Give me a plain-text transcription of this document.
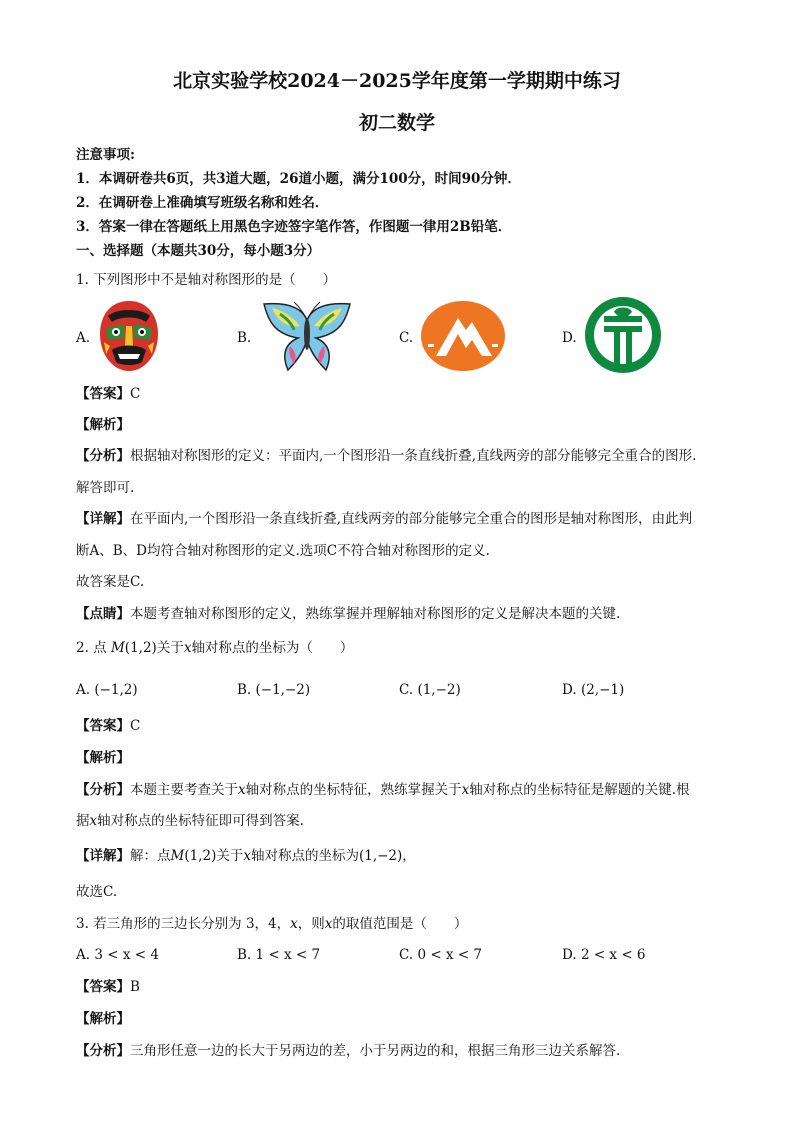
北京实验学校2024－2025学年度第一学期期中练习
初二数学
注意事项:
1．本调研卷共6页，共3道大题，26道小题，满分100分，时间90分钟．
2．在调研卷上准确填写班级名称和姓名．
3．答案一律在答题纸上用黑色字迹签字笔作答，作图题一律用2B铅笔．
一、选择题（本题共30分，每小题3分）
1. 下列图形中不是轴对称图形的是（　　）
A.	B.	C.	D.
【答案】C
【解析】
【分析】根据轴对称图形的定义：平面内,一个图形沿一条直线折叠,直线两旁的部分能够完全重合的图形.
解答即可.
【详解】在平面内,一个图形沿一条直线折叠,直线两旁的部分能够完全重合的图形是轴对称图形，由此判
断A、B、D均符合轴对称图形的定义.选项C不符合轴对称图形的定义.
故答案是C.
【点睛】本题考查轴对称图形的定义，熟练掌握并理解轴对称图形的定义是解决本题的关键.
2. 点 M(1,2)关于x轴对称点的坐标为（　　）
A. (−1,2)	B. (−1,−2)	C. (1,−2)	D. (2,−1)
【答案】C
【解析】
【分析】本题主要考查关于x轴对称点的坐标特征，熟练掌握关于x轴对称点的坐标特征是解题的关键.根
据x轴对称点的坐标特征即可得到答案.
【详解】解：点M(1,2)关于x轴对称点的坐标为(1,−2)，
故选C.
3. 若三角形的三边长分别为 3，4，x，则x的取值范围是（　　）
A. 3 < x < 4	B. 1 < x < 7	C. 0 < x < 7	D. 2 < x < 6
【答案】B
【解析】
【分析】三角形任意一边的长大于另两边的差，小于另两边的和，根据三角形三边关系解答.
